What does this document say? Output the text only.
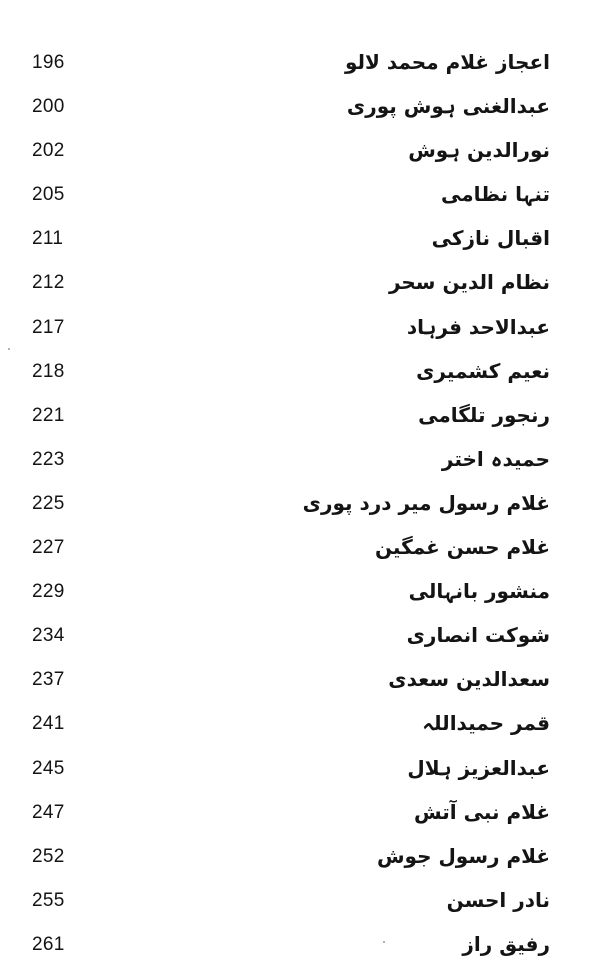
196	اعجاز غلام محمد لالو
200	عبدالغنی ہوش پوری
202	نورالدین ہوش
205	تنہا نظامی
211	اقبال نازکی
212	نظام الدین سحر
217	عبدالاحد فرہاد
218	نعیم کشمیری
221	رنجور تلگامی
223	حمیدہ اختر
225	غلام رسول میر درد پوری
227	غلام حسن غمگین
229	منشور بانہالی
234	شوکت انصاری
237	سعدالدین سعدی
241	قمر حمیداللہ
245	عبدالعزیز ہلال
247	غلام نبی آتش
252	غلام رسول جوش
255	نادر احسن
261	رفیق راز
